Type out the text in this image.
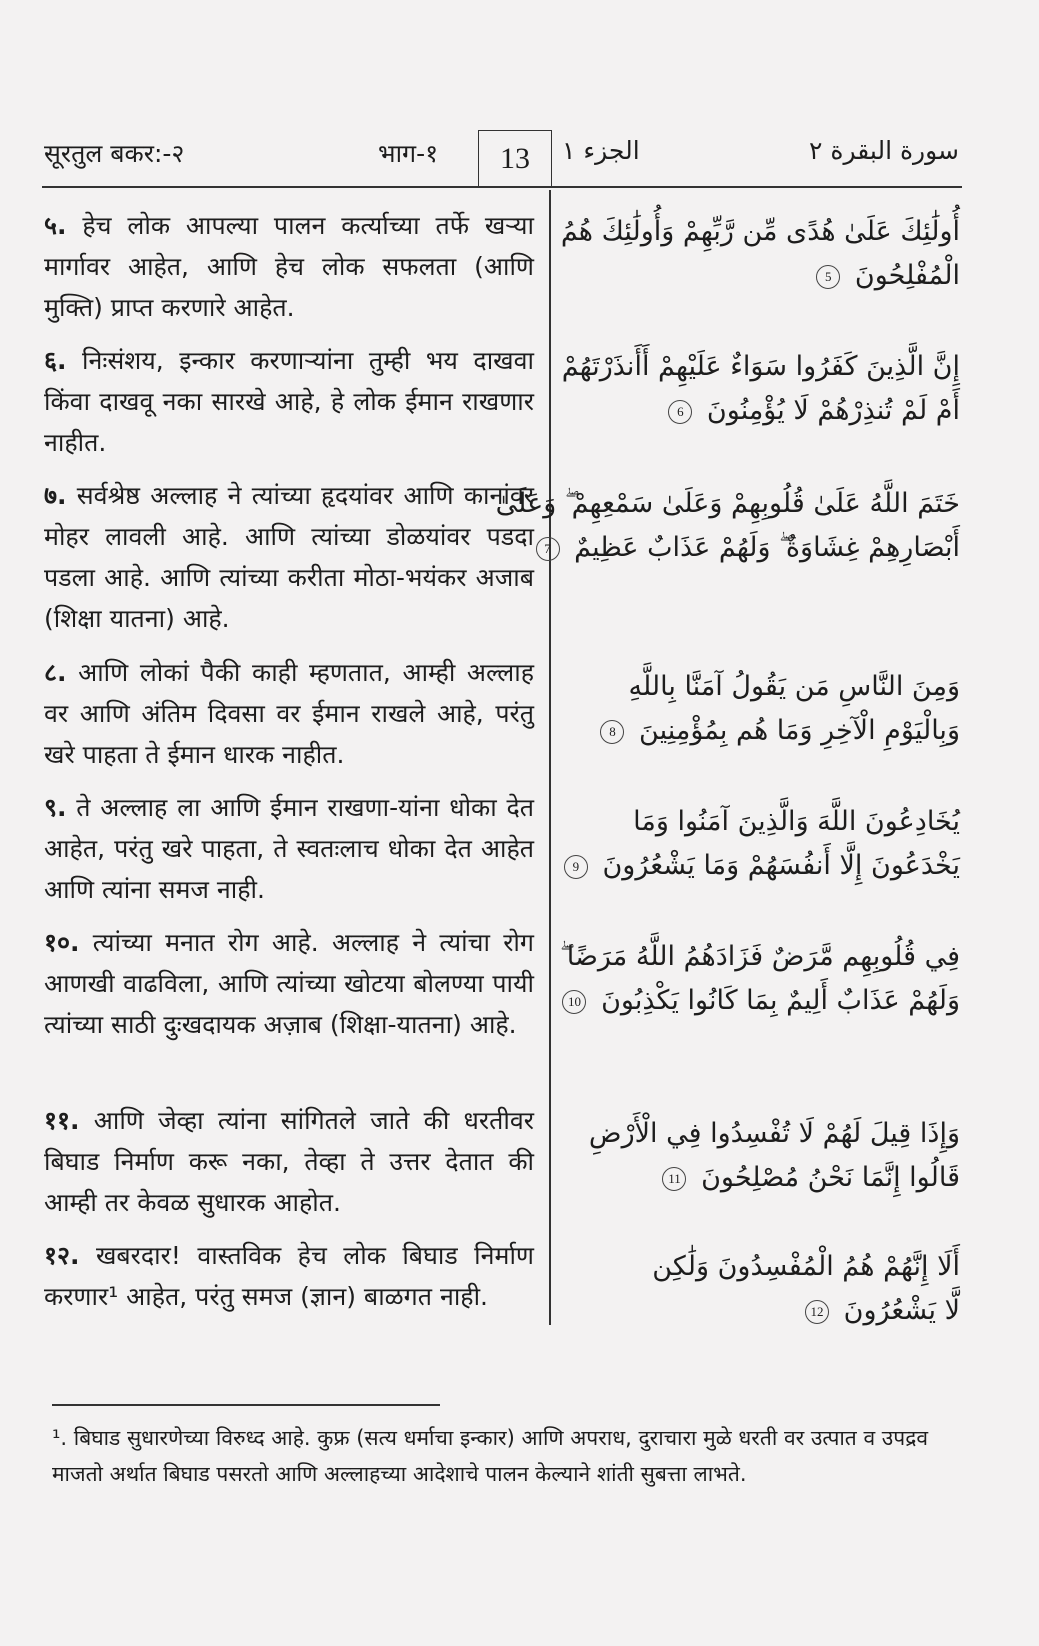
सूरतुल बकर:-२	भाग-१	13	الجزء ١	سورة البقرة ٢
५. हेच लोक आपल्या पालन कर्त्याच्या तर्फे खऱ्या मार्गावर आहेत, आणि हेच लोक सफलता (आणि मुक्ति) प्राप्त करणारे आहेत.
أُولَٰئِكَ عَلَىٰ هُدًى مِّن رَّبِّهِمْ وَأُولَٰئِكَ هُمُ
الْمُفْلِحُونَ 5
६. निःसंशय, इन्कार करणाऱ्यांना तुम्ही भय दाखवा किंवा दाखवू नका सारखे आहे, हे लोक ईमान राखणार नाहीत.
إِنَّ الَّذِينَ كَفَرُوا سَوَاءٌ عَلَيْهِمْ أَأَنذَرْتَهُمْ
أَمْ لَمْ تُنذِرْهُمْ لَا يُؤْمِنُونَ 6
७. सर्वश्रेष्ठ अल्लाह ने त्यांच्या हृदयांवर आणि कानांवर मोहर लावली आहे. आणि त्यांच्या डोळयांवर पडदा पडला आहे. आणि त्यांच्या करीता मोठा-भयंकर अजाब (शिक्षा यातना) आहे.
خَتَمَ اللَّهُ عَلَىٰ قُلُوبِهِمْ وَعَلَىٰ سَمْعِهِمْ ۖ وَعَلَىٰ
أَبْصَارِهِمْ غِشَاوَةٌ ۖ وَلَهُمْ عَذَابٌ عَظِيمٌ 7
८. आणि लोकां पैकी काही म्हणतात, आम्ही अल्लाह वर आणि अंतिम दिवसा वर ईमान राखले आहे, परंतु खरे पाहता ते ईमान धारक नाहीत.
وَمِنَ النَّاسِ مَن يَقُولُ آمَنَّا بِاللَّهِ
وَبِالْيَوْمِ الْآخِرِ وَمَا هُم بِمُؤْمِنِينَ 8
९. ते अल्लाह ला आणि ईमान राखणा-यांना धोका देत आहेत, परंतु खरे पाहता, ते स्वतःलाच धोका देत आहेत आणि त्यांना समज नाही.
يُخَادِعُونَ اللَّهَ وَالَّذِينَ آمَنُوا وَمَا
يَخْدَعُونَ إِلَّا أَنفُسَهُمْ وَمَا يَشْعُرُونَ 9
१०. त्यांच्या मनात रोग आहे. अल्लाह ने त्यांचा रोग आणखी वाढविला, आणि त्यांच्या खोटया बोलण्या पायी त्यांच्या साठी दुःखदायक अज़ाब (शिक्षा-यातना) आहे.
فِي قُلُوبِهِم مَّرَضٌ فَزَادَهُمُ اللَّهُ مَرَضًا ۖ
وَلَهُمْ عَذَابٌ أَلِيمٌ بِمَا كَانُوا يَكْذِبُونَ 10
११. आणि जेव्हा त्यांना सांगितले जाते की धरतीवर बिघाड निर्माण करू नका, तेव्हा ते उत्तर देतात की आम्ही तर केवळ सुधारक आहोत.
وَإِذَا قِيلَ لَهُمْ لَا تُفْسِدُوا فِي الْأَرْضِ
قَالُوا إِنَّمَا نَحْنُ مُصْلِحُونَ 11
१२. खबरदार! वास्तविक हेच लोक बिघाड निर्माण करणार¹ आहेत, परंतु समज (ज्ञान) बाळगत नाही.
أَلَا إِنَّهُمْ هُمُ الْمُفْسِدُونَ وَلَٰكِن
لَّا يَشْعُرُونَ 12
¹. बिघाड सुधारणेच्या विरुध्द आहे. कुफ्र (सत्य धर्माचा इन्कार) आणि अपराध, दुराचारा मुळे धरती वर उत्पात व उपद्रव माजतो अर्थात बिघाड पसरतो आणि अल्लाहच्या आदेशाचे पालन केल्याने शांती सुबत्ता लाभते.
